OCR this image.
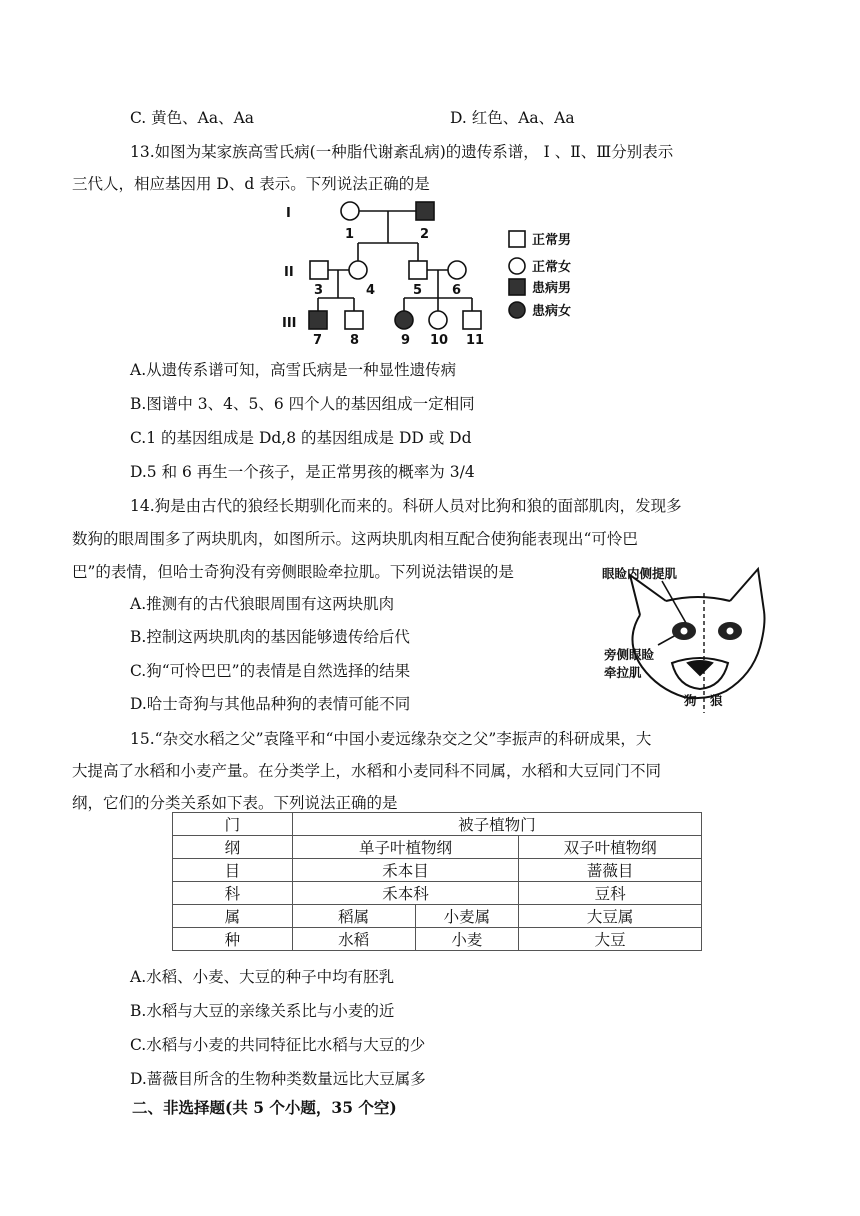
C. 黄色、Aa、Aa	D. 红色、Aa、Aa
13.如图为某家族高雪氏病(一种脂代谢紊乱病)的遗传系谱， Ⅰ 、Ⅱ、Ⅲ分别表示
三代人，相应基因用 D、d 表示。下列说法正确的是
I
II
III
1	2
3	4	5 6
7 8	9 10 11
正常男
正常女
患病男
患病女
A.从遗传系谱可知，高雪氏病是一种显性遗传病
B.图谱中 3、4、5、6 四个人的基因组成一定相同
C.1 的基因组成是 Dd,8 的基因组成是 DD 或 Dd
D.5 和 6 再生一个孩子，是正常男孩的概率为 3/4
14.狗是由古代的狼经长期驯化而来的。科研人员对比狗和狼的面部肌肉，发现多
数狗的眼周围多了两块肌肉，如图所示。这两块肌肉相互配合使狗能表现出“可怜巴
巴”的表情，但哈士奇狗没有旁侧眼睑牵拉肌。下列说法错误的是	眼睑内侧提肌
旁侧眼睑
牵拉肌
狗 狼
A.推测有的古代狼眼周围有这两块肌肉
B.控制这两块肌肉的基因能够遗传给后代
C.狗“可怜巴巴”的表情是自然选择的结果
D.哈士奇狗与其他品种狗的表情可能不同
15.“杂交水稻之父”袁隆平和“中国小麦远缘杂交之父”李振声的科研成果，大
大提高了水稻和小麦产量。在分类学上，水稻和小麦同科不同属，水稻和大豆同门不同
纲，它们的分类关系如下表。下列说法正确的是
门	被子植物门		
纲	单子叶植物纲		双子叶植物纲
目	禾本目		蔷薇目
科	禾本科		豆科
属	稻属	小麦属	大豆属
种	水稻	小麦	大豆
A.水稻、小麦、大豆的种子中均有胚乳
B.水稻与大豆的亲缘关系比与小麦的近
C.水稻与小麦的共同特征比水稻与大豆的少
D.蔷薇目所含的生物种类数量远比大豆属多
二、非选择题(共 5 个小题，35 个空)
